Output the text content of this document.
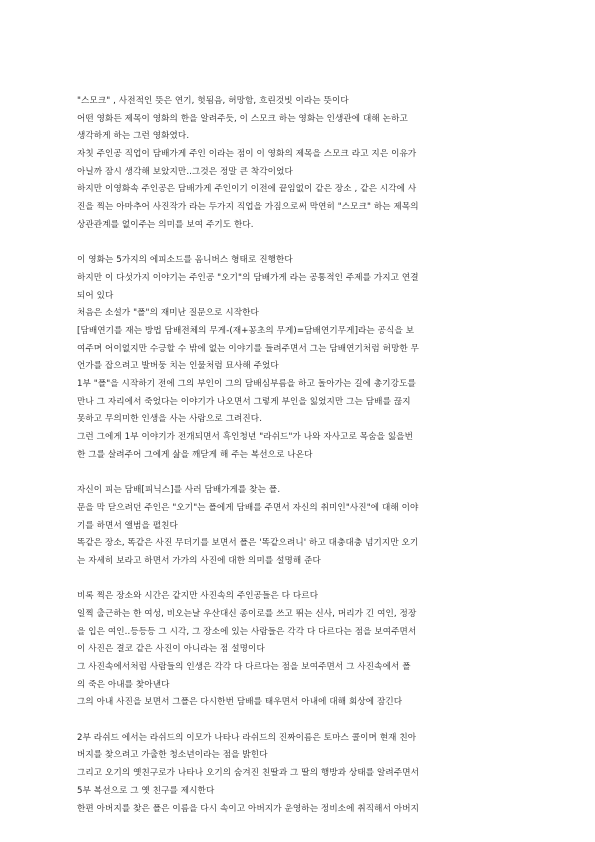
"스모크" , 사전적인 뜻은 연기, 헛됨음, 허망함, 흐린것빗 이라는 뜻이다
어떤 영화든 제목이 영화의 한을 알려주듯, 이 스모크 하는 영화는 인생관에 대해 논하고
생각하게 하는 그런 영화였다.
자칫 주인공 직업이 담배가게 주인 이라는 점이 이 영화의 제목을 스모크 라고 지은 이유가
아닐까 잠시 생각해 보았지만..그것은 정말 큰 착각이었다
하지만 이영화속 주인공은 담배가게 주인이기 이전에 끝임없이 같은 장소 , 같은 시각에 사
진을 찍는 아마추어 사진작가 라는 두가지 직업을 가짐으로써 막연히 "스모크" 하는 제목의
상관관계를 없이주는 의미를 보여 주기도 한다.
이 영화는 5가지의 에피소드를 옴니버스 형태로 진행한다
하지만 이 다섯가지 이야기는 주인공 "오기"의 담배가게 라는 공통적인 주제를 가지고 연결
되어 있다
처음은 소설가 "폴"의 재미난 질문으로 시작한다
[담배연기를 재는 방법 담배전체의 무게-(재+꽁초의 무게)=담배연기무게]라는 공식을 보
여주며 어이없지만 수긍할 수 밖에 없는 이야기를 들려주면서 그는 담배연기처럼 허망한 무
언가를 잡으려고 발버둥 치는 인물처럼 묘사해 주었다
1부 "폴"을 시작하기 전에 그의 부인이 그의 담배심부름을 하고 돌아가는 길에 총기강도를
만나 그 자리에서 죽었다는 이야기가 나오면서 그렇게 부인을 잃었지만 그는 담배를 끊지
못하고 무의미한 인생을 사는 사람으로 그려진다.
그런 그에게 1부 이야기가 전개되면서 흑인청년 "라쉬드"가 나와 자사고로 목숨을 잃을번
한 그를 살려주어 그에게 삶을 깨닫게 해 주는 복선으로 나온다
자신이 피는 담배[피닉스]를 사러 담배가게를 찾는 폴.
문을 막 닫으려던 주인은 "오기"는 폴에게 담배를 주면서 자신의 취미인"사진"에 대해 이야
기를 하면서 앨범을 펼친다
똑같은 장소, 똑같은 사진 무더기를 보면서 폴은 '똑같으려니' 하고 대충대충 넘기지만 오기
는 자세히 보라고 하면서 가가의 사진에 대한 의미를 설명해 준다
비록 찍은 장소와 시간은 같지만 사진속의 주인공들은 다 다르다
일찍 출근하는 한 여성, 비오는날 우산대신 종이로를 쓰고 뛰는 신사, 머리가 긴 여인, 정장
을 입은 여인..등등등 그 시각, 그 장소에 있는 사람들은 각각 다 다르다는 점을 보여주면서
이 사진은 결코 같은 사진이 아니라는 점 설명이다
그 사진속에서처럼 사람들의 인생은 각각 다 다르다는 점을 보여주면서 그 사진속에서 폴
의 죽은 아내를 찾아낸다
그의 아내 사진을 보면서 그폴은 다시한번 담배를 태우면서 아내에 대해 회상에 잠긴다
2부 라쉬드 에서는 라쉬드의 이모가 나타나 라쉬드의 진짜이름은 토마스 콜이며 현재 친아
버지를 찾으려고 가출한 청소년이라는 점을 밝힌다
그리고 오기의 옛친구로가 나타나 오기의 숨겨진 친딸과 그 딸의 행방과 상태를 알려주면서
5부 복선으로 그 옛 친구를 제시한다
한편 아버지를 찾은 폴은 이름을 다시 속이고 아버지가 운영하는 정비소에 취직해서 아버지
